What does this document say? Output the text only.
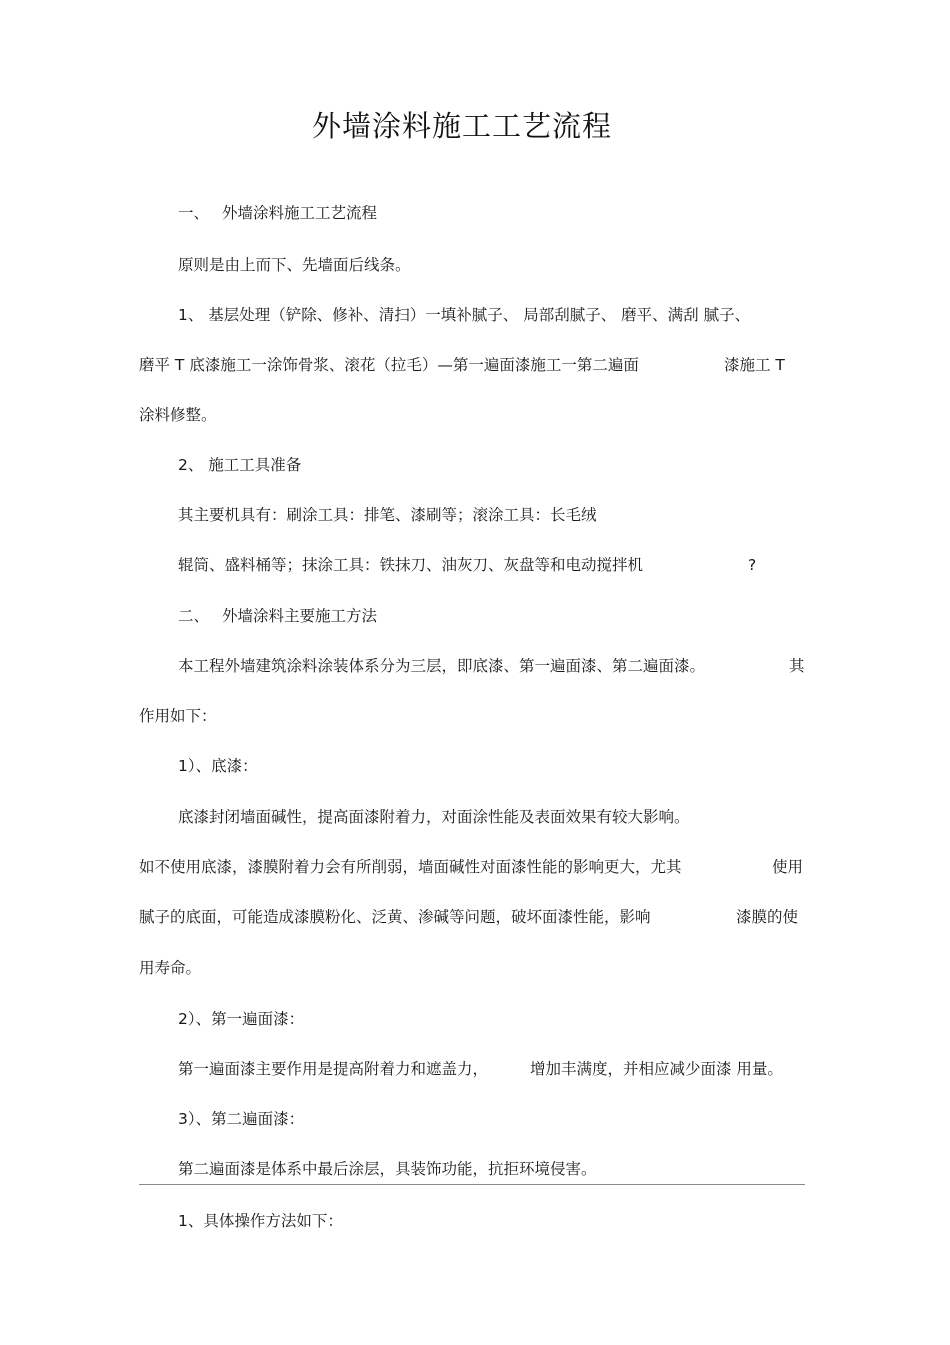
外墙涂料施工工艺流程
一、 外墙涂料施工工艺流程
原则是由上而下、先墙面后线条。
1、 基层处理（铲除、修补、清扫）一填补腻子、 局部刮腻子、 磨平、满刮 腻子、
磨平 T 底漆施工一涂饰骨浆、滚花（拉毛）—第一遍面漆施工一第二遍面	漆施工 T
涂料修整。
2、 施工工具准备
其主要机具有：刷涂工具：排笔、漆刷等；滚涂工具：长毛绒
辊筒、盛料桶等；抹涂工具：铁抹刀、油灰刀、灰盘等和电动搅拌机	?
二、 外墙涂料主要施工方法
本工程外墙建筑涂料涂装体系分为三层，即底漆、第一遍面漆、第二遍面漆。	其
作用如下：
1）、底漆：
底漆封闭墙面碱性，提高面漆附着力，对面涂性能及表面效果有较大影响。
如不使用底漆，漆膜附着力会有所削弱，墙面碱性对面漆性能的影响更大，尤其	使用
腻子的底面，可能造成漆膜粉化、泛黄、渗碱等问题，破坏面漆性能，影响	漆膜的使
用寿命。
2）、第一遍面漆：
第一遍面漆主要作用是提高附着力和遮盖力，	增加丰满度，并相应减少面漆 用量。
3）、第二遍面漆：
第二遍面漆是体系中最后涂层，具装饰功能，抗拒环境侵害。
1、具体操作方法如下：
